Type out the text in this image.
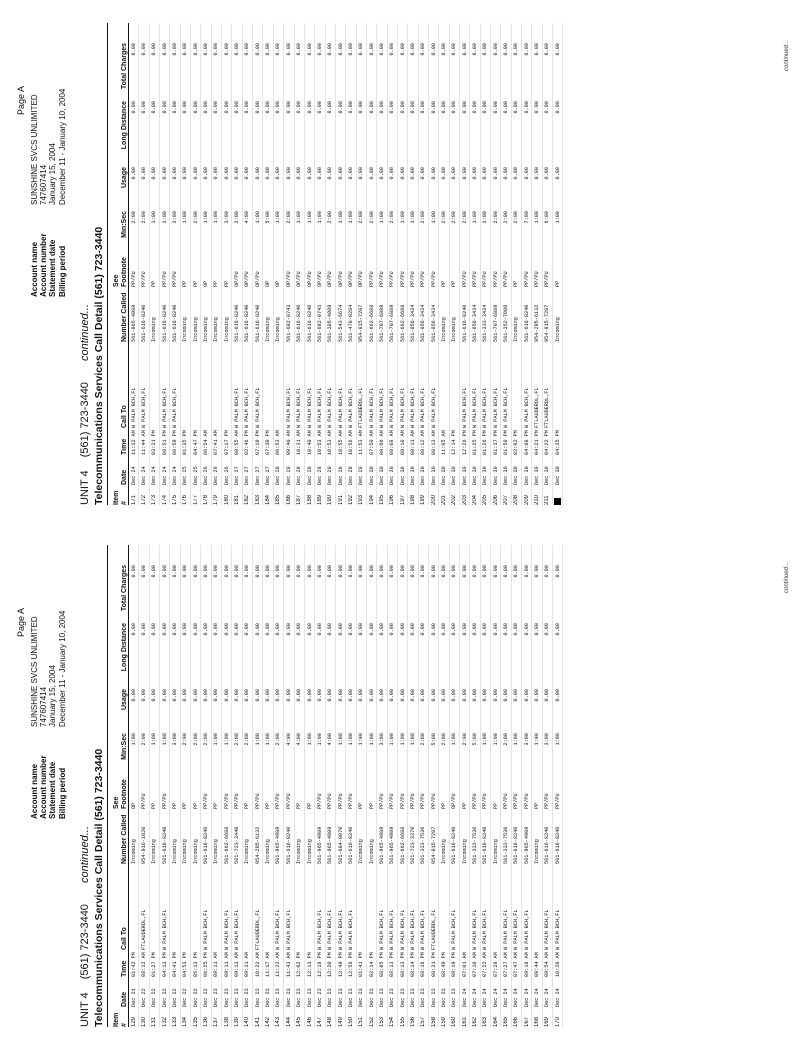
Page A
Account name
SUNSHINE SVCS UNLIMITED
Account number
747607414
Statement date
January 15, 2004
Billing period
December 11 - January 10, 2004
UNIT 4 (561) 723-3440 continued... Telecommunications Services Call Detail (561) 723-3440 Item #
Date
Time
Call To
Number Called
See Footnote
Min:Sec
Usage
Long Distance
Total Charges
129
Dec 21
01:42 PM
Incoming
OP
1:00
0.00
0.00
0.00
130
Dec 22
08:12 AM
FTLAUDERDL,FL
954-916-1020
PP/PU
2:00
0.00
0.00
0.00
131
Dec 22
01:27 PM
Incoming
PP
1:00
0.00
0.00
0.00
132
Dec 22
04:13 PM
W PALM BCH,FL
561-616-8240
PP/PU
1:00
0.00
0.00
0.00
133
Dec 22
04:41 PM
Incoming
PP
3:00
0.00
0.00
0.00
134
Dec 22
04:53 PM
Incoming
PP
2:00
0.00
0.00
0.00
135
Dec 22
05:13 PM
Incoming
PP
2:00
0.00
0.00
0.00
136
Dec 22
06:25 PM
W PALM BCH,FL
561-616-8240
PP/PU
2:00
0.00
0.00
0.00
137
Dec 23
09:11 AM
Incoming
PP
1:00
0.00
0.00
0.00
138
Dec 23
09:11 AM
W PALM BCH,FL
561-662-6688
PP/PU
1:00
0.00
0.00
0.00
139
Dec 23
09:13 AM
W PALM BCH,FL
561-723-3440
PP/PU
2:00
0.00
0.00
0.00
140
Dec 23
09:31 AM
Incoming
PP
2:00
0.00
0.00
0.00
141
Dec 23
10:22 AM
FTLAUDERDL,FL
954-295-6132
PP/PU
1:00
0.00
0.00
0.00
142
Dec 23
11:17 AM
Incoming
PP
1:00
0.00
0.00
0.00
143
Dec 23
11:22 AM
W PALM BCH,FL
561-965-4989
PP/PU
2:00
0.00
0.00
0.00
144
Dec 23
11:43 AM
W PALM BCH,FL
561-616-8240
PP/PU
4:00
0.00
0.00
0.00
145
Dec 23
12:02 PM
Incoming
PP
4:00
0.00
0.00
0.00
146
Dec 23
12:13 PM
Incoming
PP
1:00
0.00
0.00
0.00
147
Dec 23
12:18 PM
W PALM BCH,FL
561-965-4989
PP/PU
1:00
0.00
0.00
0.00
148
Dec 23
12:20 PM
W PALM BCH,FL
561-965-4989
PP/PU
4:00
0.00
0.00
0.00
149
Dec 23
12:49 PM
W PALM BCH,FL
561-684-0070
PP/PU
1:00
0.00
0.00
0.00
150
Dec 23
12:56 PM
W PALM BCH,FL
561-616-8240
PP/PU
1:00
0.00
0.00
0.00
151
Dec 23
01:41 PM
Incoming
PP
1:00
0.00
0.00
0.00
152
Dec 23
02:14 PM
Incoming
PP
1:00
0.00
0.00
0.00
153
Dec 23
08:05 PM
W PALM BCH,FL
561-965-4989
PP/PU
3:00
0.00
0.00
0.00
154
Dec 23
08:13 PM
W PALM BCH,FL
561-965-4989
PP/PU
1:00
0.00
0.00
0.00
155
Dec 23
08:13 PM
W PALM BCH,FL
561-662-6688
PP/PU
1:00
0.00
0.00
0.00
156
Dec 23
08:14 PM
W PALM BCH,FL
561-723-3370
PP/PU
1:00
0.00
0.00
0.00
157
Dec 23
08:16 PM
W PALM BCH,FL
561-333-7530
PP/PU
2:00
0.00
0.00
0.00
158
Dec 23
08:21 PM
FTLAUDERDL,FL
954-815-7287
PP/PU
5:00
0.00
0.00
0.00
159
Dec 23
08:49 PM
Incoming
PP
2:00
0.00
0.00
0.00
160
Dec 23
09:19 PM
W PALM BCH,FL
561-616-8240
OP/PU
1:00
0.00
0.00
0.00
161
Dec 24
07:01 AM
Incoming
PP
2:00
0.00
0.00
0.00
162
Dec 24
07:10 AM
W PALM BCH,FL
561-333-7530
PP/PU
5:00
0.00
0.00
0.00
163
Dec 24
07:22 AM
W PALM BCH,FL
561-616-8240
PP/PU
1:00
0.00
0.00
0.00
164
Dec 24
07:28 AM
Incoming
PP
1:00
0.00
0.00
0.00
165
Dec 24
07:27 AM
W PALM BCH,FL
561-333-7530
PP/PU
2:00
0.00
0.00
0.00
166
Dec 24
07:47 AM
W PALM BCH,FL
561-616-8240
PP/PU
1:00
0.00
0.00
0.00
167
Dec 24
09:18 AM
W PALM BCH,FL
561-965-4989
PP/PU
3:00
0.00
0.00
0.00
168
Dec 24
09:44 AM
Incoming
PP
1:00
0.00
0.00
0.00
169
Dec 24
09:54 AM
W PALM BCH,FL
561-616-8240
PP/PU
3:00
0.00
0.00
0.00
170
Dec 24
10:26 AM
W PALM BCH,FL
561-616-8240
PP/PU
1:00
0.00
0.00
0.00	continued...
Page A
Account name
SUNSHINE SVCS UNLIMITED
Account number
747607414
Statement date
January 15, 2004
Billing period
December 11 - January 10, 2004
UNIT 4 (561) 723-3440 continued... Telecommunications Services Call Detail (561) 723-3440 Item #
Date
Time
Call To
Number Called
See Footnote
Min:Sec
Usage
Long Distance
Total Charges
171
Dec 24
11:32 AM
W PALM BCH,FL
561-965-4989
PP/PU
2:00
0.00
0.00
0.00
172
Dec 24
11:44 AM
W PALM BCH,FL
561-616-8240
PP/PU
2:00
0.00
0.00
0.00
173
Dec 24
03:31 PM
Incoming
PP
1:00
0.00
0.00
0.00
174
Dec 24
06:51 PM
W PALM BCH,FL
561-616-8240
PP/PU
3:00
0.00
0.00
0.00
175
Dec 24
06:59 PM
W PALM BCH,FL
561-616-8240
PP/PU
3:00
0.00
0.00
0.00
176
Dec 25
01:35 PM
Incoming
PP
1:00
0.00
0.00
0.00
177
Dec 25
04:47 PM
Incoming
PP
2:00
0.00
0.00
0.00
178
Dec 26
06:54 AM
Incoming
OP
1:00
0.00
0.00
0.00
179
Dec 26
07:41 AM
Incoming
PP
1:00
0.00
0.00
0.00
180
Dec 26
07:17 PM
Incoming
PP
3:00
0.00
0.00
0.00
181
Dec 27
08:55 AM
W PALM BCH,FL
561-616-8240
OP/PU
2:00
0.00
0.00
0.00
182
Dec 27
02:46 PM
W PALM BCH,FL
561-616-8240
OP/PU
4:00
0.00
0.00
0.00
183
Dec 27
07:19 PM
W PALM BCH,FL
561-616-8240
OP/PU
1:00
0.00
0.00
0.00
184
Dec 27
07:30 PM
Incoming
OP
5:00
0.00
0.00
0.00
185
Dec 28
06:53 AM
Incoming
OP
1:00
0.00
0.00
0.00
186
Dec 28
09:40 AM
W PALM BCH,FL
561-682-0743
OP/PU
2:00
0.00
0.00
0.00
187
Dec 28
10:31 AM
W PALM BCH,FL
561-616-8240
OP/PU
1:00
0.00
0.00
0.00
188
Dec 28
10:40 AM
W PALM BCH,FL
561-616-8240
OP/PU
1:00
0.00
0.00
0.00
189
Dec 28
10:53 AM
W PALM BCH,FL
561-682-0743
OP/PU
1:00
0.00
0.00
0.00
190
Dec 28
10:53 AM
W PALM BCH,FL
561-385-4989
OP/PU
2:00
0.00
0.00
0.00
191
Dec 28
10:55 AM
W PALM BCH,FL
561-543-6674
OP/PU
1:00
0.00
0.00
0.00
192
Dec 28
10:56 AM
W PALM BCH,FL
561-478-0284
OP/PU
1:00
0.00
0.00
0.00
193
Dec 28
11:53 AM
FTLAUDERDL,FL
954-815-7287
OP/PU
2:00
0.00
0.00
0.00
194
Dec 30
07:50 AM
W PALM BCH,FL
561-662-6688
PP/PU
2:00
0.00
0.00
0.00
195
Dec 30
08:06 AM
W PALM BCH,FL
561-707-6889
PP/PU
1:00
0.00
0.00
0.00
196
Dec 30
08:08 AM
W PALM BCH,FL
561-707-6889
PP/PU
2:00
0.00
0.00
0.00
197
Dec 30
08:10 AM
W PALM BCH,FL
561-662-6688
PP/PU
1:00
0.00
0.00
0.00
198
Dec 30
08:11 AM
W PALM BCH,FL
561-856-3434
PP/PU
1:00
0.00
0.00
0.00
199
Dec 30
08:12 AM
W PALM BCH,FL
561-856-3434
PP/PU
2:00
0.00
0.00
0.00
200
Dec 30
08:13 AM
W PALM BCH,FL
561-856-3434
PP/PU
1:00
0.00
0.00
0.00
201
Dec 30
11:05 AM
Incoming
PP
2:00
0.00
0.00
0.00
202
Dec 30
12:14 PM
Incoming
PP
2:00
0.00
0.00
0.00
203
Dec 30
12:26 PM
W PALM BCH,FL
561-616-8240
PP/PU
2:00
0.00
0.00
0.00
204
Dec 30
01:25 PM
W PALM BCH,FL
561-856-3434
PP/PU
1:00
0.00
0.00
0.00
205
Dec 30
01:26 PM
W PALM BCH,FL
561-333-3434
PP/PU
3:00
0.00
0.00
0.00
206
Dec 30
01:37 PM
W PALM BCH,FL
561-707-6889
PP/PU
2:00
0.00
0.00
0.00
207
Dec 30
01:50 PM
W PALM BCH,FL
561-352-7000
PP/PU
2:00
0.00
0.00
0.00
208
Dec 30
02:02 PM
Incoming
PP
2:00
0.00
0.00
0.00
209
Dec 30
04:08 PM
W PALM BCH,FL
561-616-8240
PP/PU
7:00
0.00
0.00
0.00
210
Dec 30
04:21 PM
FTLAUDERDL,FL
954-295-6132
PP/PU
1:00
0.00
0.00
0.00
211
Dec 30
04:22 PM
FTLAUDERDL,FL
954-815-7287
PP/PU
6:00
0.00
0.00
0.00
Dec 30
04:35 PM
Incoming
PP
1:00
0.00
0.00
0.00	continued...
